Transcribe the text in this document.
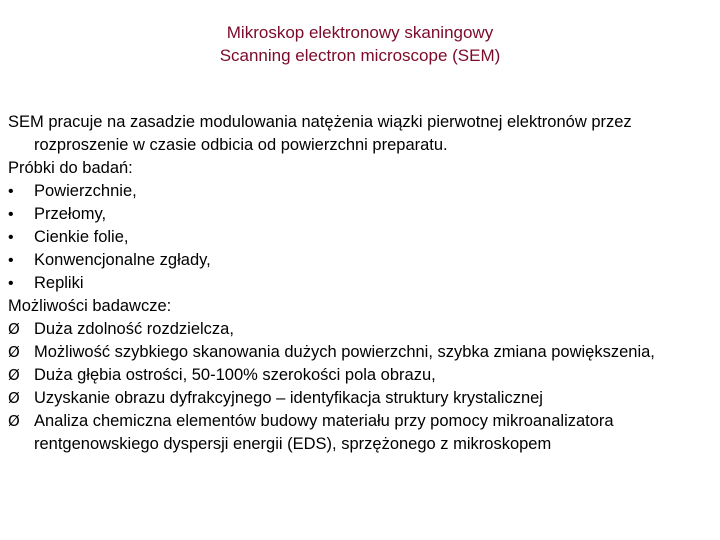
Mikroskop elektronowy skaningowy
Scanning electron microscope (SEM)
SEM pracuje na zasadzie modulowania natężenia wiązki pierwotnej elektronów przez
rozproszenie w czasie odbicia od powierzchni preparatu.
Próbki do badań:
•	Powierzchnie,
•	Przełomy,
•	Cienkie folie,
•	Konwencjonalne zgłady,
•	Repliki
Możliwości badawcze:
Ø Duża zdolność rozdzielcza,
Ø Możliwość szybkiego skanowania dużych powierzchni, szybka zmiana powiększenia,
Ø Duża głębia ostrości, 50-100% szerokości pola obrazu,
Ø Uzyskanie obrazu dyfrakcyjnego – identyfikacja struktury krystalicznej
Ø Analiza chemiczna elementów budowy materiału przy pomocy mikroanalizatora
rentgenowskiego dyspersji energii (EDS), sprzężonego z mikroskopem
